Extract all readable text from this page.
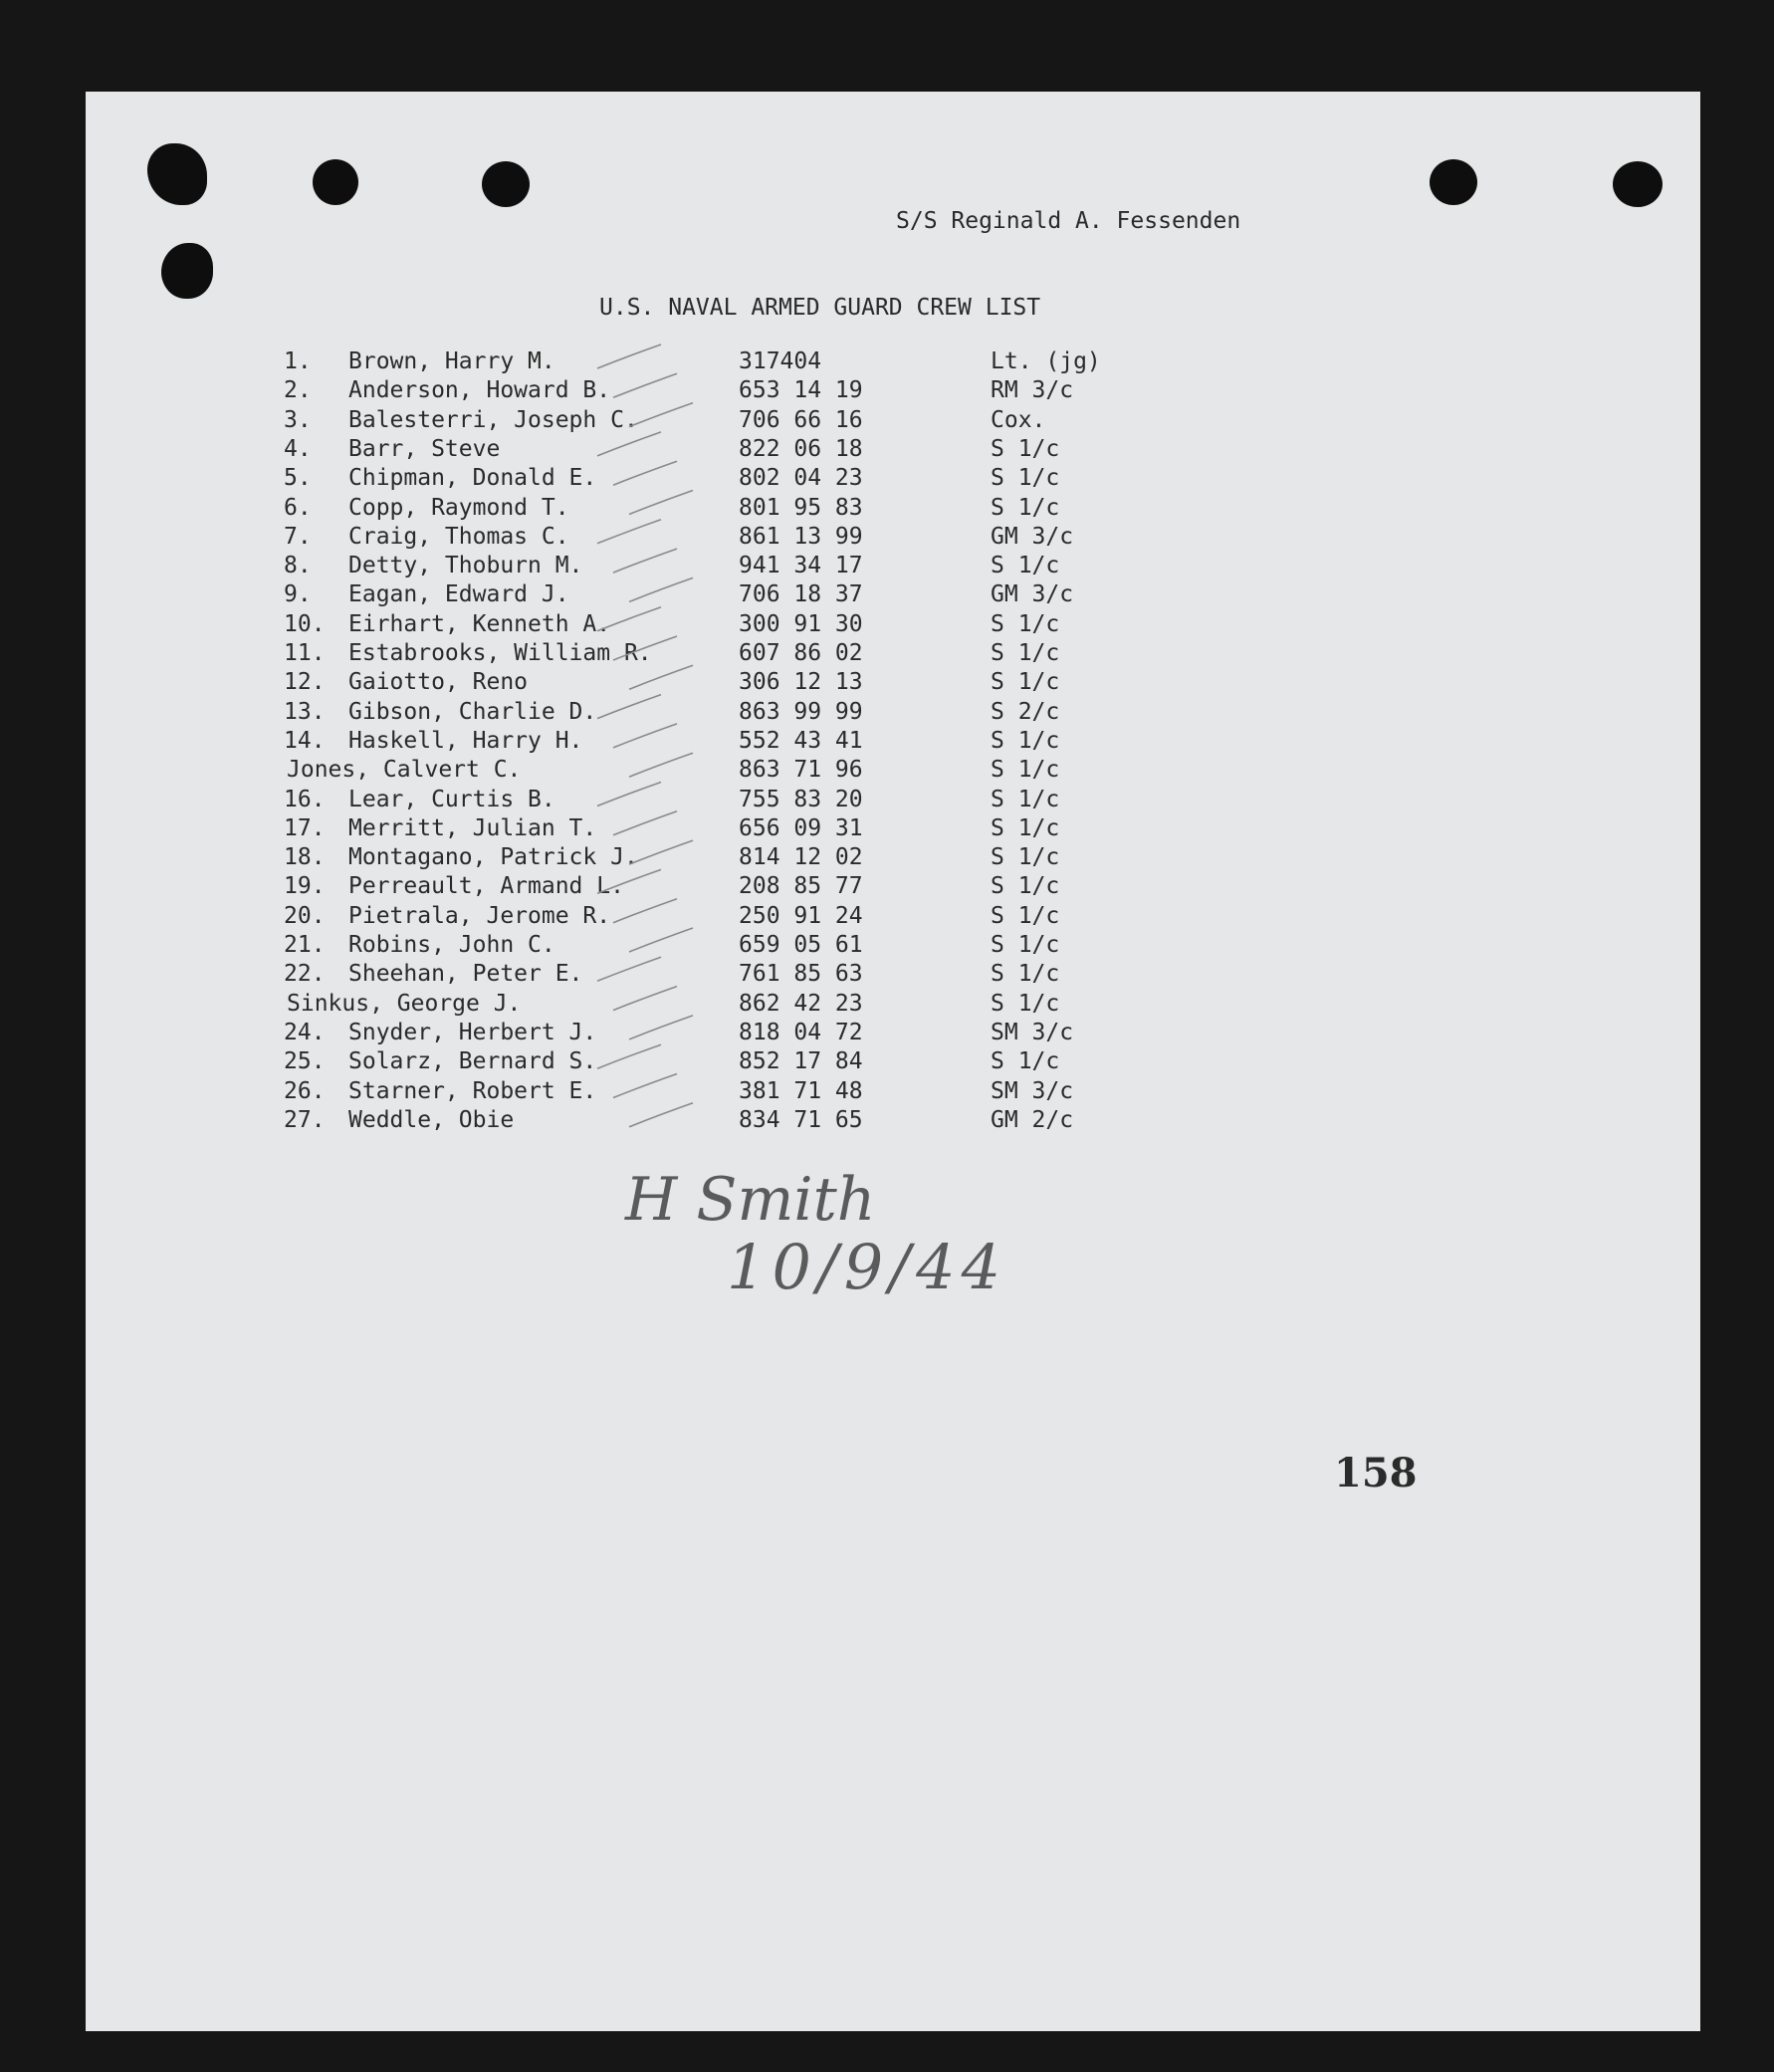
S/S Reginald A. Fessenden
U.S. NAVAL ARMED GUARD CREW LIST
1. Brown, Harry M.	317404	Lt. (jg)
2. Anderson, Howard B.	653 14 19	RM 3/c
3. Balesterri, Joseph C.	706 66 16	Cox.
4. Barr, Steve	822 06 18	S 1/c
5. Chipman, Donald E.	802 04 23	S 1/c
6. Copp, Raymond T.	801 95 83	S 1/c
7. Craig, Thomas C.	861 13 99	GM 3/c
8. Detty, Thoburn M.	941 34 17	S 1/c
9. Eagan, Edward J.	706 18 37	GM 3/c
10. Eirhart, Kenneth A.	300 91 30	S 1/c
11. Estabrooks, William R.	607 86 02	S 1/c
12. Gaiotto, Reno	306 12 13	S 1/c
13. Gibson, Charlie D.	863 99 99	S 2/c
14. Haskell, Harry H.	552 43 41	S 1/c
Jones, Calvert C.	863 71 96	S 1/c
16. Lear, Curtis B.	755 83 20	S 1/c
17. Merritt, Julian T.	656 09 31	S 1/c
18. Montagano, Patrick J.	814 12 02	S 1/c
19. Perreault, Armand L.	208 85 77	S 1/c
20. Pietrala, Jerome R.	250 91 24	S 1/c
21. Robins, John C.	659 05 61	S 1/c
22. Sheehan, Peter E.	761 85 63	S 1/c
Sinkus, George J.	862 42 23	S 1/c
24. Snyder, Herbert J.	818 04 72	SM 3/c
25. Solarz, Bernard S.	852 17 84	S 1/c
26. Starner, Robert E.	381 71 48	SM 3/c
27. Weddle, Obie	834 71 65	GM 2/c
H Smith
10/9/44
158
